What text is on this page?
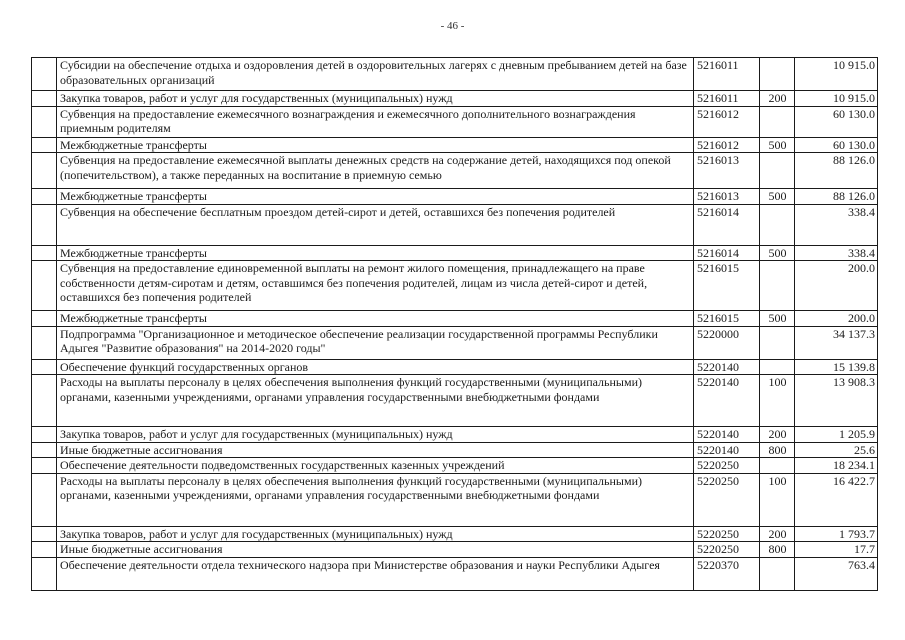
- 46 -
	Субсидии на обеспечение отдыха и оздоровления детей в оздоровительных лагерях с дневным пребыванием детей на базе образовательных организаций	5216011		10 915.0
	Закупка товаров, работ и услуг для государственных (муниципальных) нужд	5216011	200	10 915.0
	Субвенция на предоставление ежемесячного вознаграждения и ежемесячного дополнительного вознаграждения приемным родителям	5216012		60 130.0
	Межбюджетные трансферты	5216012	500	60 130.0
	Субвенция на предоставление ежемесячной выплаты денежных средств на содержание детей, находящихся под опекой (попечительством), а также переданных на воспитание в приемную семью	5216013		88 126.0
	Межбюджетные трансферты	5216013	500	88 126.0
	Субвенция на обеспечение бесплатным проездом детей-сирот и детей, оставшихся без попечения родителей	5216014		338.4
	Межбюджетные трансферты	5216014	500	338.4
	Субвенция на предоставление единовременной выплаты на ремонт жилого помещения, принадлежащего на праве собственности детям-сиротам и детям, оставшимся без попечения родителей, лицам из числа детей-сирот и детей, оставшихся без попечения родителей	5216015		200.0
	Межбюджетные трансферты	5216015	500	200.0
	Подпрограмма "Организационное и методическое обеспечение реализации государственной программы Республики Адыгея "Развитие образования" на 2014-2020 годы"	5220000		34 137.3
	Обеспечение функций государственных органов	5220140		15 139.8
	Расходы на выплаты персоналу в целях обеспечения выполнения функций государственными (муниципальными) органами, казенными учреждениями, органами управления государственными внебюджетными фондами	5220140	100	13 908.3
	Закупка товаров, работ и услуг для государственных (муниципальных) нужд	5220140	200	1 205.9
	Иные бюджетные ассигнования	5220140	800	25.6
	Обеспечение деятельности подведомственных государственных казенных учреждений	5220250		18 234.1
	Расходы на выплаты персоналу в целях обеспечения выполнения функций государственными (муниципальными) органами, казенными учреждениями, органами управления государственными внебюджетными фондами	5220250	100	16 422.7
	Закупка товаров, работ и услуг для государственных (муниципальных) нужд	5220250	200	1 793.7
	Иные бюджетные ассигнования	5220250	800	17.7
	Обеспечение деятельности отдела технического надзора при Министерстве образования и науки Республики Адыгея	5220370		763.4
